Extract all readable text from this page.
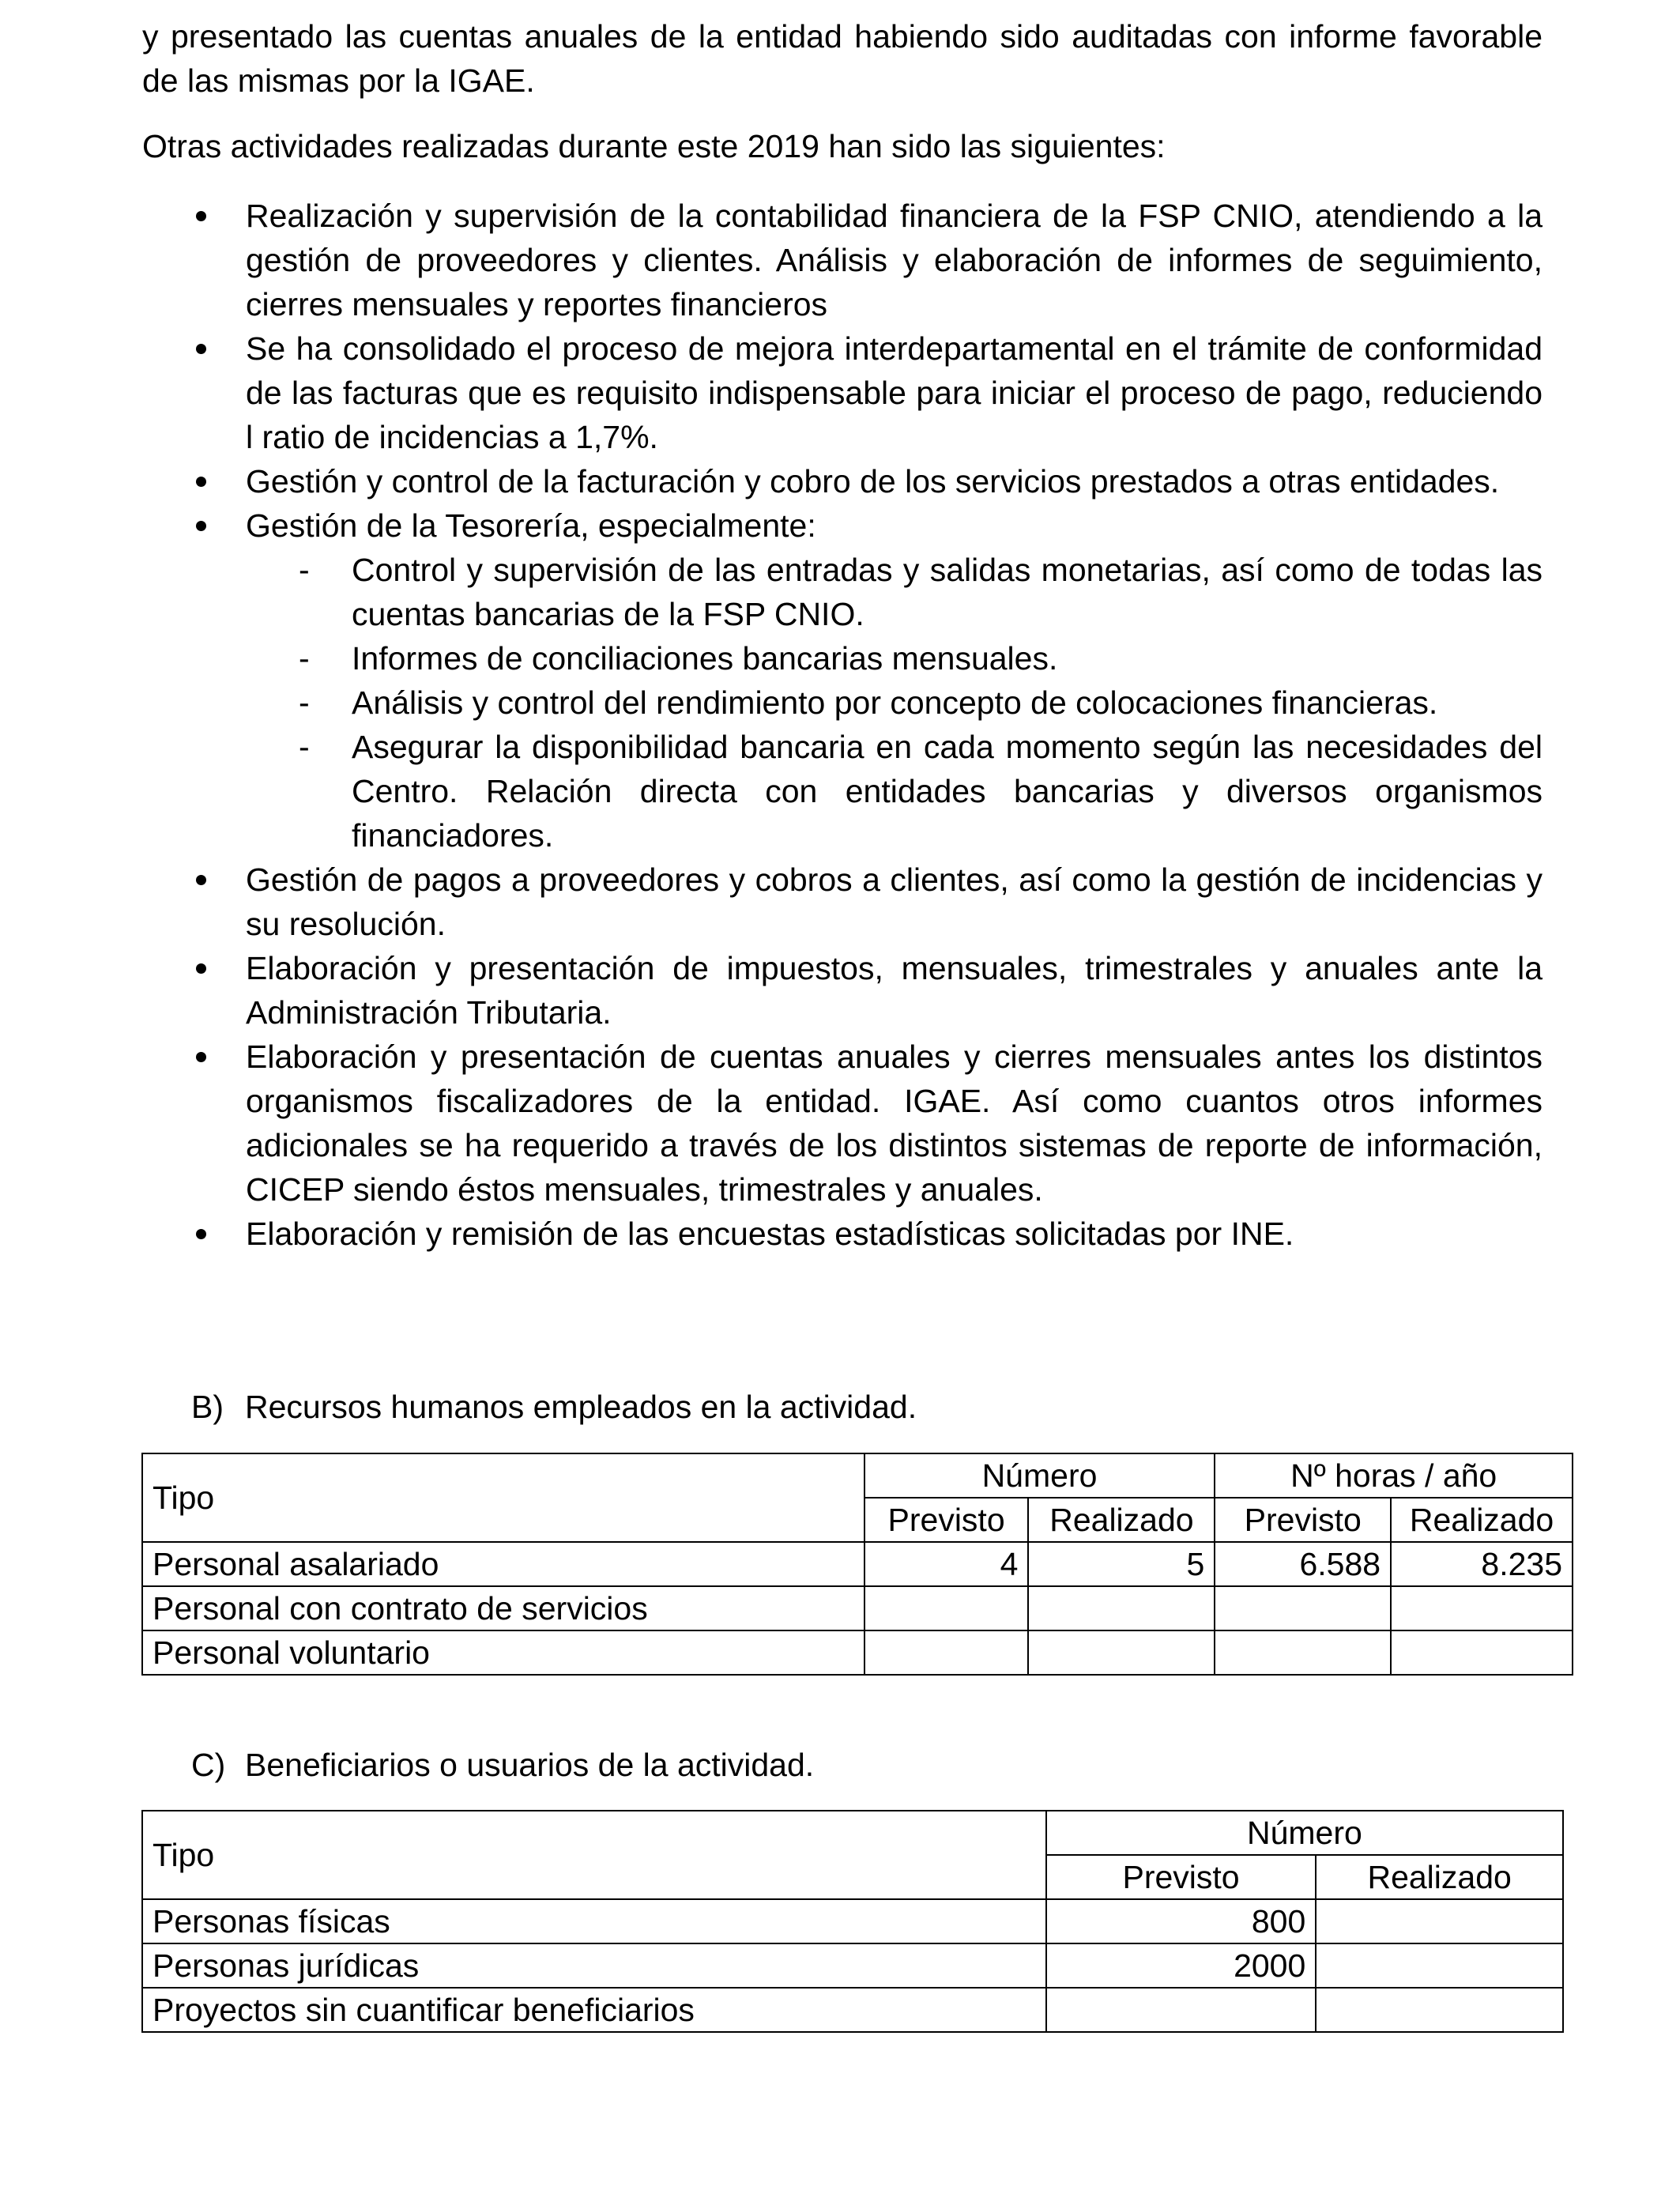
y presentado las cuentas anuales de la entidad habiendo sido auditadas con informe favorable de las mismas por la IGAE.

Otras actividades realizadas durante este 2019 han sido las siguientes:

Realización y supervisión de la contabilidad financiera de la FSP CNIO, atendiendo a la gestión de proveedores y clientes. Análisis y elaboración de informes de seguimiento, cierres mensuales y reportes financieros
Se ha consolidado el proceso de mejora interdepartamental en el trámite de conformidad de las facturas que es requisito indispensable para iniciar el proceso de pago, reduciendo l ratio de incidencias a 1,7%.
Gestión y control de la facturación y cobro de los servicios prestados a otras entidades.
Gestión de la Tesorería, especialmente:
- Control y supervisión de las entradas y salidas monetarias, así como de todas las cuentas bancarias de la FSP CNIO.
- Informes de conciliaciones bancarias mensuales.
- Análisis y control del rendimiento por concepto de colocaciones financieras.
- Asegurar la disponibilidad bancaria en cada momento según las necesidades del Centro. Relación directa con entidades bancarias y diversos organismos financiadores.
Gestión de pagos a proveedores y cobros a clientes, así como la gestión de incidencias y su resolución.
Elaboración y presentación de impuestos, mensuales, trimestrales y anuales ante la Administración Tributaria.
Elaboración y presentación de cuentas anuales y cierres mensuales antes los distintos organismos fiscalizadores de la entidad. IGAE. Así como cuantos otros informes adicionales se ha requerido a través de los distintos sistemas de reporte de información, CICEP siendo éstos mensuales, trimestrales y anuales.
Elaboración y remisión de las encuestas estadísticas solicitadas por INE.
B) Recursos humanos empleados en la actividad.
Tipo	Número		Nº horas / año	
	Previsto	Realizado	Previsto	Realizado
Personal asalariado	4	5	6.588	8.235
Personal con contrato de servicios				
Personal voluntario				
C) Beneficiarios o usuarios de la actividad.
Tipo	Número	
	Previsto	Realizado
Personas físicas	800	
Personas jurídicas	2000	
Proyectos sin cuantificar beneficiarios		
